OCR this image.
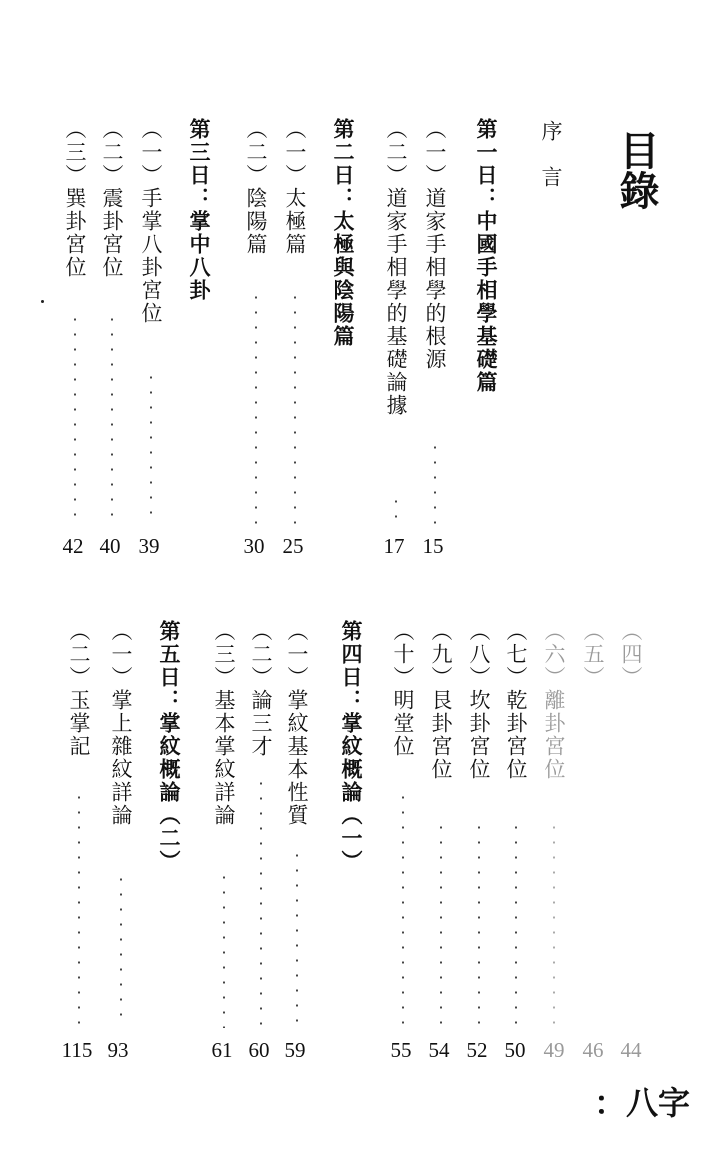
目錄
序　言
第一日：中國手相學基礎篇
（一）道家手相學的根源
15
（二）道家手相學的基礎論據
17
第二日：太極與陰陽篇
（一）太極篇
25
（二）陰陽篇
30
第三日：掌中八卦
（一）手掌八卦宮位
39
（二）震卦宮位
40
（三）巽卦宮位
42
（四）
44
（五）
46
（六）離卦宮位
49
（七）乾卦宮位
50
（八）坎卦宮位
52
（九）艮卦宮位
54
（十）明堂位
55
第四日：掌紋概論（一）
（一）掌紋基本性質
59
（二）論三才
60
（三）基本掌紋詳論
61
第五日：掌紋概論（二）
（一）掌上雜紋詳論
93
（二）玉掌記
115
：八字
